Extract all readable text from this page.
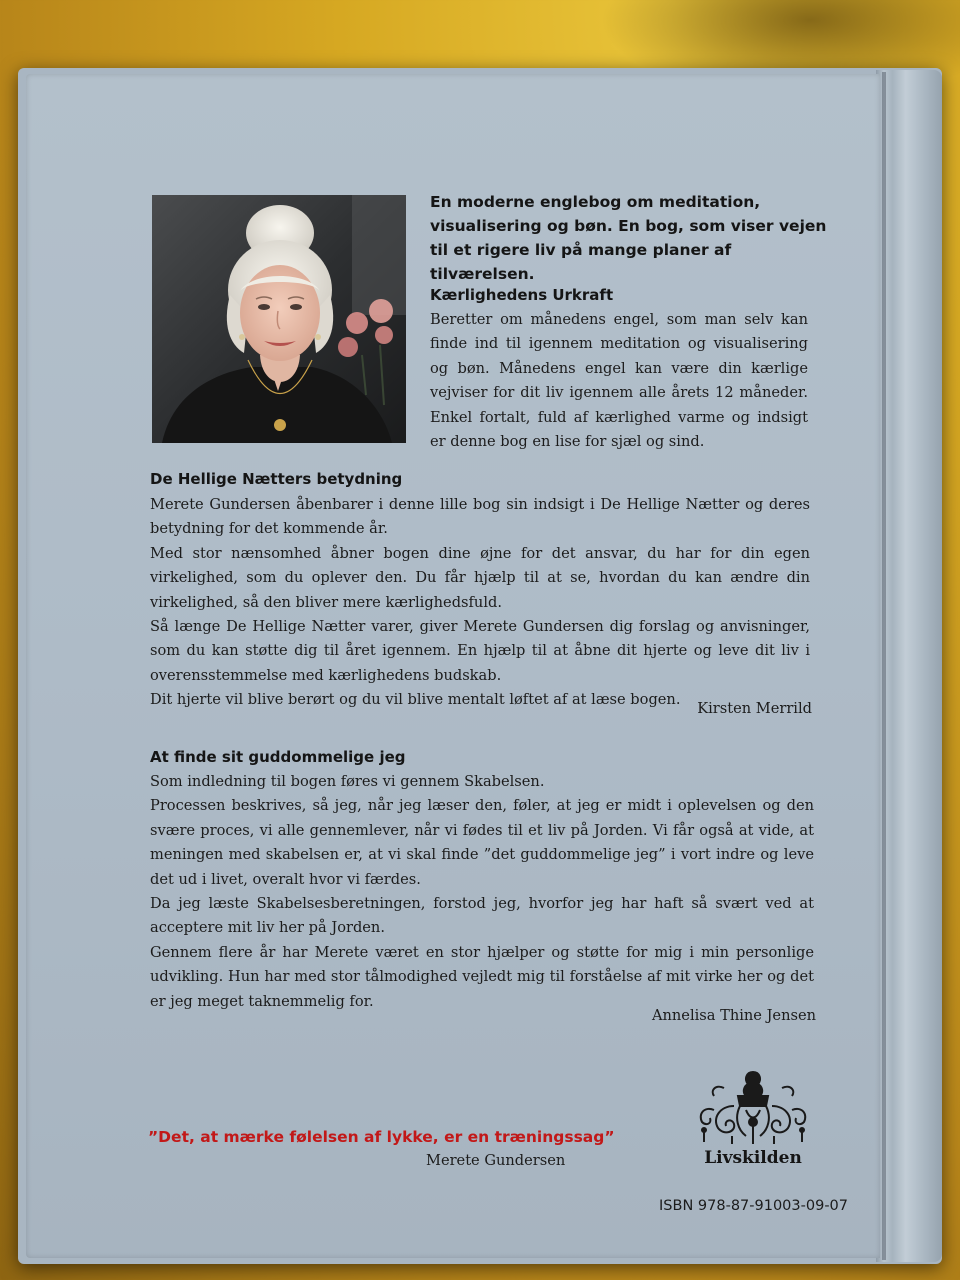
En moderne englebog om meditation, visualisering og bøn. En bog, som viser vejen til et rigere liv på mange planer af tilværelsen.

Kærlighedens Urkraft

Beretter om månedens engel, som man selv kan finde ind til igennem meditation og visualisering og bøn. Månedens engel kan være din kærlige vejviser for dit liv igennem alle årets 12 måneder. Enkel fortalt, fuld af kærlighed varme og indsigt er denne bog en lise for sjæl og sind.

De Hellige Nætters betydning

Merete Gundersen åbenbarer i denne lille bog sin indsigt i De Hellige Nætter og deres betydning for det kommende år.

Med stor nænsomhed åbner bogen dine øjne for det ansvar, du har for din egen virkelighed, som du oplever den. Du får hjælp til at se, hvordan du kan ændre din virkelighed, så den bliver mere kærlighedsfuld.

Så længe De Hellige Nætter varer, giver Merete Gundersen dig forslag og anvisninger, som du kan støtte dig til året igennem. En hjælp til at åbne dit hjerte og leve dit liv i overensstemmelse med kærlighedens budskab.

Dit hjerte vil blive berørt og du vil blive mentalt løftet af at læse bogen.

Kirsten Merrild

At finde sit guddommelige jeg

Som indledning til bogen føres vi gennem Skabelsen.

Processen beskrives, så jeg, når jeg læser den, føler, at jeg er midt i oplevelsen og den svære proces, vi alle gennemlever, når vi fødes til et liv på Jorden. Vi får også at vide, at meningen med skabelsen er, at vi skal finde ”det guddommelige jeg” i vort indre og leve det ud i livet, overalt hvor vi færdes.

Da jeg læste Skabelsesberetningen, forstod jeg, hvorfor jeg har haft så svært ved at acceptere mit liv her på Jorden.

Gennem flere år har Merete været en stor hjælper og støtte for mig i min personlige udvikling. Hun har med stor tålmodighed vejledt mig til forståelse af mit virke her og det er jeg meget taknemmelig for.

Annelisa Thine Jensen

”Det, at mærke følelsen af lykke, er en træningssag”

Merete Gundersen	Livskilden

ISBN 978-87-91003-09-07
